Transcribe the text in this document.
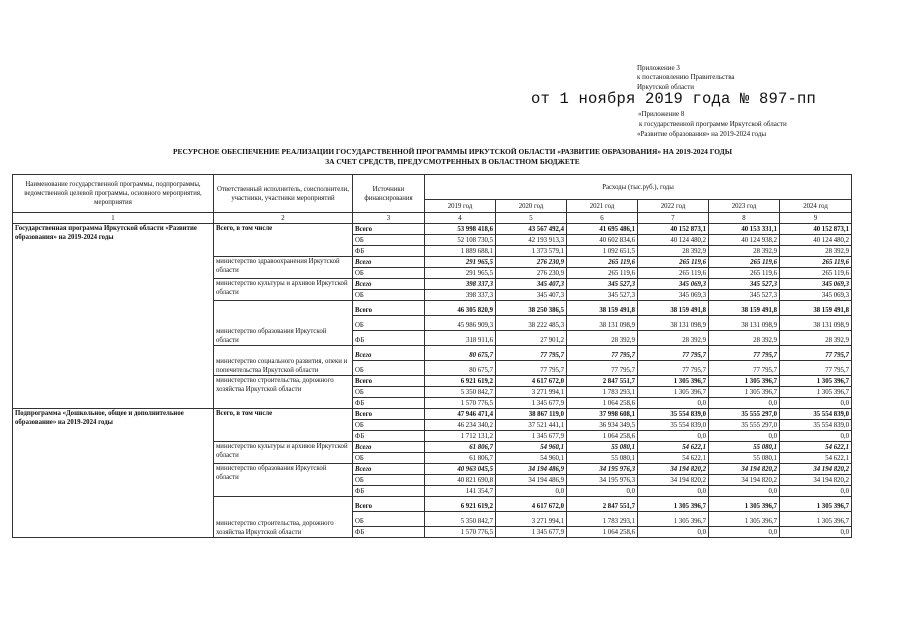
Приложение 3
к постановлению Правительства
Иркутской области
от 1 ноября 2019 года № 897-пп
«Приложение 8
к государственной программе Иркутской области
«Развитие образования» на 2019-2024 годы
РЕСУРСНОЕ ОБЕСПЕЧЕНИЕ РЕАЛИЗАЦИИ ГОСУДАРСТВЕННОЙ ПРОГРАММЫ ИРКУТСКОЙ ОБЛАСТИ «РАЗВИТИЕ ОБРАЗОВАНИЯ» НА 2019-2024 ГОДЫ
ЗА СЧЕТ СРЕДСТВ, ПРЕДУСМОТРЕННЫХ В ОБЛАСТНОМ БЮДЖЕТЕ
Наименование государственной программы, подпрограммы, ведомственной целевой программы, основного мероприятия, мероприятия	Ответственный исполнитель, соисполнители, участники, участники мероприятий	Источники финансирования	Расходы (тыс.руб.), годы					
			2019 год	2020 год	2021 год	2022 год	2023 год	2024 год
1	2	3	4	5	6	7	8	9
Государственная программа Иркутской области «Развитие образования» на 2019-2024 годы	Всего, в том числе	Всего	53 998 418,6	43 567 492,4	41 695 486,1	40 152 873,1	40 153 331,1	40 152 873,1
		ОБ	52 108 730,5	42 193 913,3	40 602 834,6	40 124 480,2	40 124 938,2	40 124 480,2
		ФБ	1 889 688,1	1 373 579,1	1 092 651,5	28 392,9	28 392,9	28 392,9
	министерство здравоохранения Иркутской области	Всего	291 965,5	276 230,9	265 119,6	265 119,6	265 119,6	265 119,6
		ОБ	291 965,5	276 230,9	265 119,6	265 119,6	265 119,6	265 119,6
	министерство культуры и архивов Иркутской области	Всего	398 337,3	345 407,3	345 527,3	345 069,3	345 527,3	345 069,3
		ОБ	398 337,3	345 407,3	345 527,3	345 069,3	345 527,3	345 069,3
	министерство образования Иркутской области	Всего	46 305 820,9	38 250 386,5	38 159 491,8	38 159 491,8	38 159 491,8	38 159 491,8
		ОБ	45 986 909,3	38 222 485,3	38 131 098,9	38 131 098,9	38 131 098,9	38 131 098,9
		ФБ	318 911,6	27 901,2	28 392,9	28 392,9	28 392,9	28 392,9
	министерство социального развития, опеки и попечительства Иркутской области	Всего	80 675,7	77 795,7	77 795,7	77 795,7	77 795,7	77 795,7
		ОБ	80 675,7	77 795,7	77 795,7	77 795,7	77 795,7	77 795,7
	министерство строительства, дорожного хозяйства Иркутской области	Всего	6 921 619,2	4 617 672,0	2 847 551,7	1 305 396,7	1 305 396,7	1 305 396,7
		ОБ	5 350 842,7	3 271 994,1	1 783 293,1	1 305 396,7	1 305 396,7	1 305 396,7
		ФБ	1 570 776,5	1 345 677,9	1 064 258,6	0,0	0,0	0,0
Подпрограмма «Дошкольное, общее и дополнительное образование» на 2019-2024 годы	Всего, в том числе	Всего	47 946 471,4	38 867 119,0	37 998 608,1	35 554 839,0	35 555 297,0	35 554 839,0
		ОБ	46 234 340,2	37 521 441,1	36 934 349,5	35 554 839,0	35 555 297,0	35 554 839,0
		ФБ	1 712 131,2	1 345 677,9	1 064 258,6	0,0	0,0	0,0
	министерство культуры и архивов Иркутской области	Всего	61 806,7	54 960,1	55 080,1	54 622,1	55 080,1	54 622,1
		ОБ	61 806,7	54 960,1	55 080,1	54 622,1	55 080,1	54 622,1
	министерство образования Иркутской области	Всего	40 963 045,5	34 194 486,9	34 195 976,3	34 194 820,2	34 194 820,2	34 194 820,2
		ОБ	40 821 690,8	34 194 486,9	34 195 976,3	34 194 820,2	34 194 820,2	34 194 820,2
		ФБ	141 354,7	0,0	0,0	0,0	0,0	0,0
	министерство строительства, дорожного хозяйства Иркутской области	Всего	6 921 619,2	4 617 672,0	2 847 551,7	1 305 396,7	1 305 396,7	1 305 396,7
		ОБ	5 350 842,7	3 271 994,1	1 783 293,1	1 305 396,7	1 305 396,7	1 305 396,7
		ФБ	1 570 776,5	1 345 677,9	1 064 258,6	0,0	0,0	0,0
